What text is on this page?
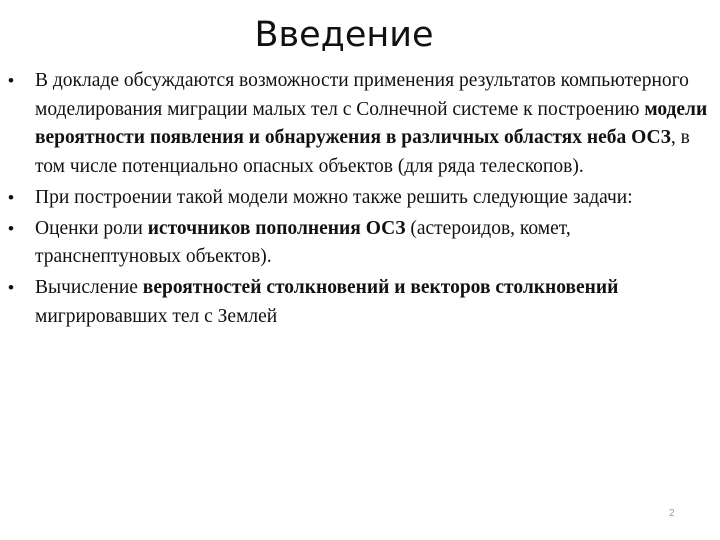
Введение
•	В докладе обсуждаются возможности применения результатов компьютерного моделирования миграции малых тел с Солнечной системе к построению модели вероятности появления и обнаружения в различных областях неба ОСЗ, в том числе потенциально опасных объектов (для ряда телескопов).
•	При построении такой модели можно также решить следующие задачи:
•	Оценки роли источников пополнения ОСЗ (астероидов, комет, транснептуновых объектов).
•	Вычисление вероятностей столкновений и векторов столкновений мигрировавших тел с Землей
2
